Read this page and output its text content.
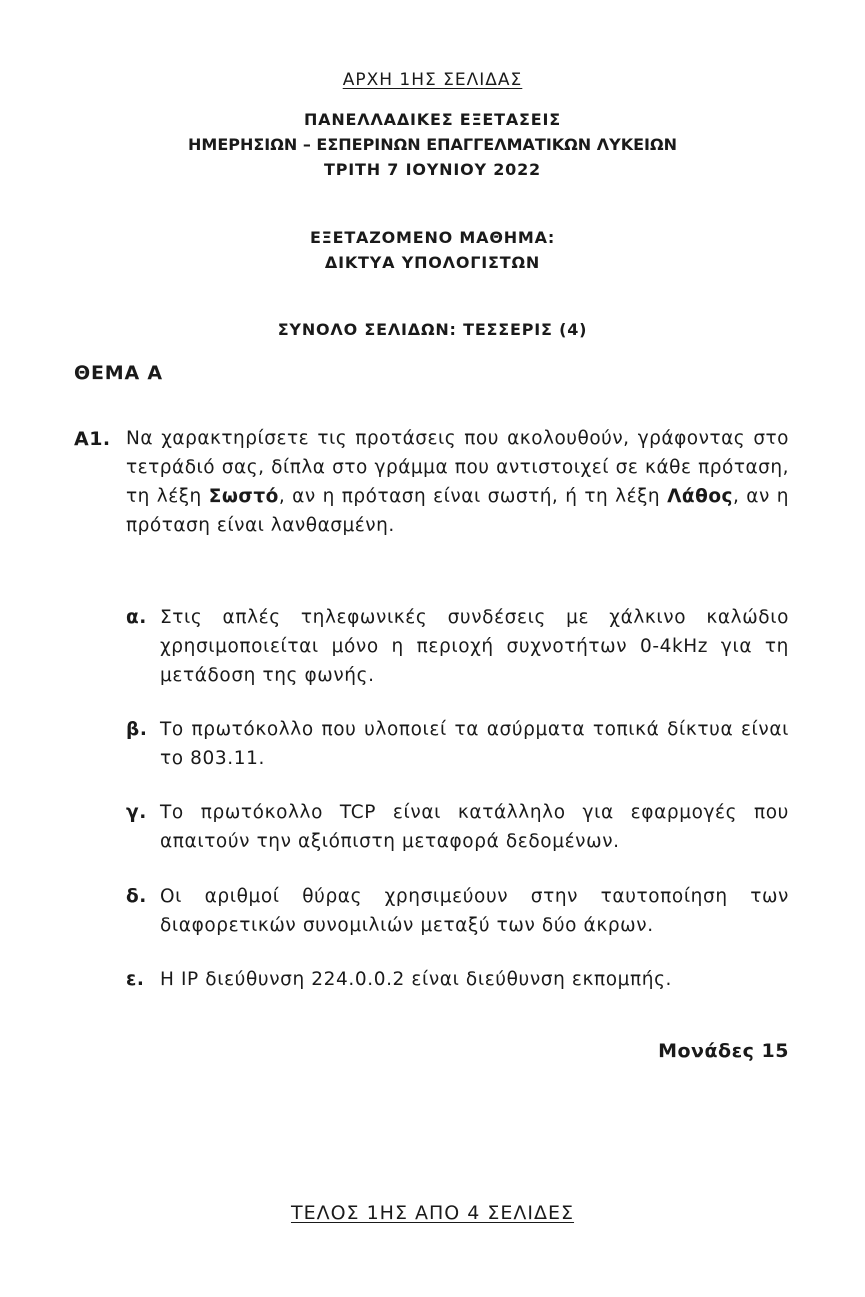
ΑΡΧΗ 1ΗΣ ΣΕΛΙΔΑΣ
ΠΑΝΕΛΛΑΔΙΚΕΣ ΕΞΕΤΑΣΕΙΣ
ΗΜΕΡΗΣΙΩΝ – ΕΣΠΕΡΙΝΩΝ ΕΠΑΓΓΕΛΜΑΤΙΚΩΝ ΛΥΚΕΙΩΝ
ΤΡΙΤΗ 7 ΙΟΥΝΙΟΥ 2022
ΕΞΕΤΑΖΟΜΕΝΟ ΜΑΘΗΜΑ:
ΔΙΚΤΥΑ ΥΠΟΛΟΓΙΣΤΩΝ
ΣΥΝΟΛΟ ΣΕΛΙΔΩΝ: ΤΕΣΣΕΡΙΣ (4)
ΘΕΜΑ Α
Α1. Να χαρακτηρίσετε τις προτάσεις που ακολουθούν, γράφοντας στο τετράδιό σας, δίπλα στο γράμμα που αντιστοιχεί σε κάθε πρόταση, τη λέξη Σωστό, αν η πρόταση είναι σωστή, ή τη λέξη Λάθος, αν η πρόταση είναι λανθασμένη.
α. Στις απλές τηλεφωνικές συνδέσεις με χάλκινο καλώδιο χρησιμοποιείται μόνο η περιοχή συχνοτήτων 0-4kHz για τη μετάδοση της φωνής.
β. Το πρωτόκολλο που υλοποιεί τα ασύρματα τοπικά δίκτυα είναι το 803.11.
γ. Το πρωτόκολλο TCP είναι κατάλληλο για εφαρμογές που απαιτούν την αξιόπιστη μεταφορά δεδομένων.
δ. Οι αριθμοί θύρας χρησιμεύουν στην ταυτοποίηση των διαφορετικών συνομιλιών μεταξύ των δύο άκρων.
ε. Η IP διεύθυνση 224.0.0.2 είναι διεύθυνση εκπομπής.
Μονάδες 15
ΤΕΛΟΣ 1ΗΣ ΑΠΟ 4 ΣΕΛΙΔΕΣ
